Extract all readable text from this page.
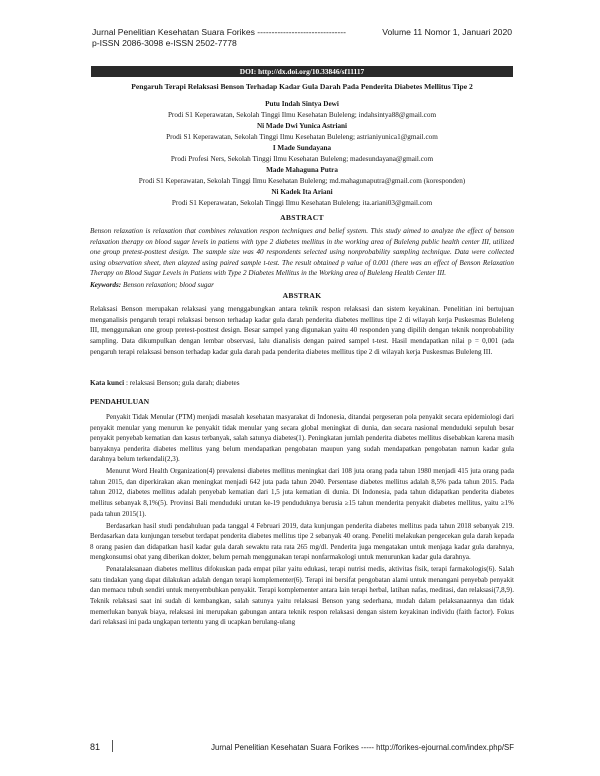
Jurnal Penelitian Kesehatan Suara Forikes -------------------------------	Volume 11 Nomor 1, Januari 2020
p-ISSN 2086-3098 e-ISSN 2502-7778
DOI: http://dx.doi.org/10.33846/sf11117
Pengaruh Terapi Relaksasi Benson Terhadap Kadar Gula Darah Pada Penderita Diabetes Mellitus Tipe 2
Putu Indah Sintya Dewi
Prodi S1 Keperawatan, Sekolah Tinggi Ilmu Kesehatan Buleleng; indahsintya88@gmail.com
Ni Made Dwi Yunica Astriani
Prodi S1 Keperawatan, Sekolah Tinggi Ilmu Kesehatan Buleleng; astrianiyunica1@gmail.com
I Made Sundayana
Prodi Profesi Ners, Sekolah Tinggi Ilmu Kesehatan Buleleng; madesundayana@gmail.com
Made Mahaguna Putra
Prodi S1 Keperawatan, Sekolah Tinggi Ilmu Kesehatan Buleleng; md.mahagunaputra@gmail.com (koresponden)
Ni Kadek Ita Ariani
Prodi S1 Keperawatan, Sekolah Tinggi Ilmu Kesehatan Buleleng; ita.ariani03@gmail.com
ABSTRACT
Benson relaxation is relaxation that combines relaxation respon techniques and belief system. This study aimed to analyze the effect of benson relaxation therapy on blood sugar levels in patiens with type 2 diabetes mellitus in the working area of Buleleng public health center III, utilized one group pretest-posttest design. The sample size was 40 respondents selected using nonprobability sampling technique. Data were collected using observation sheet, then alayzed using paired sample t-test. The result obtained p value of 0.001 (there was an effect of Benson Relaxation Therapy on Blood Sugar Levels in Patiens with Type 2 Diabetes Mellitus in the Working area of Buleleng Health Center III.
Keywords: Benson relaxation; blood sugar
ABSTRAK
Relaksasi Benson merupakan relaksasi yang menggabungkan antara teknik respon relaksasi dan sistem keyakinan. Penelitian ini bertujuan menganalisis pengaruh terapi relaksasi benson terhadap kadar gula darah penderita diabetes mellitus tipe 2 di wilayah kerja Puskesmas Buleleng III, menggunakan one group pretest-posttest design. Besar sampel yang digunakan yaitu 40 responden yang dipilih dengan teknik nonprobability sampling. Data dikumpulkan dengan lembar observasi, lalu dianalisis dengan paired sampel t-test. Hasil mendapatkan nilai p = 0,001 (ada pengaruh terapi relaksasi benson terhadap kadar gula darah pada penderita diabetes mellitus tipe 2 di wilayah kerja Puskesmas Buleleng III.
Kata kunci : relaksasi Benson; gula darah; diabetes
PENDAHULUAN

Penyakit Tidak Menular (PTM) menjadi masalah kesehatan masyarakat di Indonesia, ditandai pergeseran pola penyakit secara epidemiologi dari penyakit menular yang menurun ke penyakit tidak menular yang secara global meningkat di dunia, dan secara nasional menduduki sepuluh besar penyakit penyebab kematian dan kasus terbanyak, salah satunya diabetes(1). Peningkatan jumlah penderita diabetes mellitus disebabkan karena masih banyaknya penderita diabetes mellitus yang belum mendapatkan pengobatan maupun yang sudah mendapatkan pengobatan namun kadar gula darahnya belum terkendali(2,3).

Menurut Word Health Organization(4) prevalensi diabetes mellitus meningkat dari 108 juta orang pada tahun 1980 menjadi 415 juta orang pada tahun 2015, dan diperkirakan akan meningkat menjadi 642 juta pada tahun 2040. Persentase diabetes mellitus adalah 8,5% pada tahun 2015. Pada tahun 2012, diabetes mellitus adalah penyebab kematian dari 1,5 juta kematian di dunia. Di Indonesia, pada tahun didapatkan penderita diabetes mellitus sebanyak 8,1%(5). Provinsi Bali menduduki urutan ke-19 penduduknya berusia ≥15 tahun menderita penyakit diabetes mellitus, yaitu ≥1% pada tahun 2015(1).

Berdasarkan hasil studi pendahuluan pada tanggal 4 Februari 2019, data kunjungan penderita diabetes mellitus pada tahun 2018 sebanyak 219. Berdasarkan data kunjungan tersebut terdapat penderita diabetes mellitus tipe 2 sebanyak 40 orang. Peneliti melakukan pengecekan gula darah kepada 8 orang pasien dan didapatkan hasil kadar gula darah sewaktu rata rata 265 mg/dl. Penderita juga mengatakan untuk menjaga kadar gula darahnya, mengkonsumsi obat yang diberikan dokter, belum pernah menggunakan terapi nonfarmakologi untuk menurunkan kadar gula darahnya.

Penatalaksanaan diabetes mellitus difokuskan pada empat pilar yaitu edukasi, terapi nutrisi medis, aktivitas fisik, terapi farmakologis(6). Salah satu tindakan yang dapat dilakukan adalah dengan terapi komplementer(6). Terapi ini bersifat pengobatan alami untuk menangani penyebab penyakit dan memacu tubuh sendiri untuk menyembuhkan penyakit. Terapi komplementer antara lain terapi herbal, latihan nafas, meditasi, dan relaksasi(7,8,9). Teknik relaksasi saat ini sudah di kembangkan, salah satunya yaitu relaksasi Benson yang sederhana, mudah dalam pelaksanaannya dan tidak memerlukan banyak biaya, relaksasi ini merupakan gabungan antara teknik respon relaksasi dengan sistem keyakinan individu (faith factor). Fokus dari relaksasi ini pada ungkapan tertentu yang di ucapkan berulang-ulang

81	Jurnal Penelitian Kesehatan Suara Forikes ----- http://forikes-ejournal.com/index.php/SF
